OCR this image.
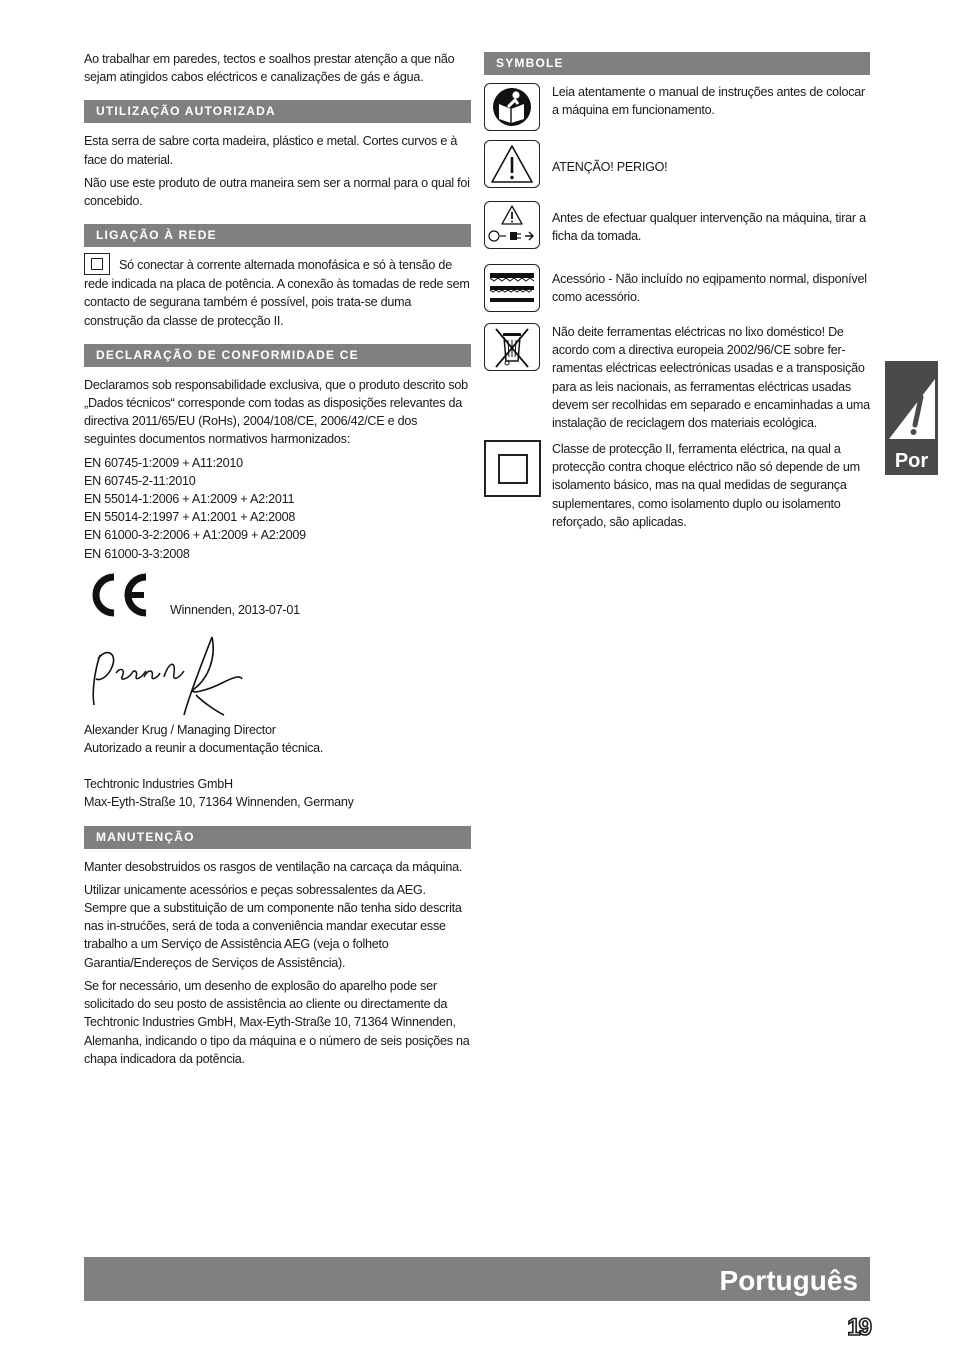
Ao trabalhar em paredes, tectos e soalhos prestar atenção a que não sejam atingidos cabos eléctricos e canalizações de gás e água.

UTILIZAÇÃO AUTORIZADA

Esta serra de sabre corta madeira, plástico e metal. Cortes curvos e à face do material.

Não use este produto de outra maneira sem ser a normal para o qual foi concebido.

LIGAÇÃO À REDE

Só conectar à corrente alternada monofásica e só à tensão de rede indicada na placa de potência. A conexão às tomadas de rede sem contacto de seguranа também é possível, pois trata-se duma construção da classe de protecção II.

DECLARAÇÃO DE CONFORMIDADE CE

Declaramos sob responsabilidade exclusiva, que o produto descrito sob „Dados técnicos“ corresponde com todas as disposições relevantes da directiva 2011/65/EU (RoHs), 2004/108/CE, 2006/42/CE e dos seguintes documentos normativos harmonizados:

EN 60745-1:2009 + A11:2010
EN 60745-2-11:2010
EN 55014-1:2006 + A1:2009 + A2:2011
EN 55014-2:1997 + A1:2001 + A2:2008
EN 61000-3-2:2006 + A1:2009 + A2:2009
EN 61000-3-3:2008
Winnenden, 2013-07-01
Alexander Krug / Managing Director
Autorizado a reunir a documentação técnica.
Techtronic Industries GmbH
Max-Eyth-Straße 10, 71364 Winnenden, Germany
MANUTENÇÃO

Manter desobstruidos os rasgos de ventilação na carcaça da máquina.

Utilizar unicamente acessórios e peças sobressalentes da AEG. Sempre que a substituição de um componente não tenha sido descrita nas in-strućões, será de toda a conveniência mandar executar esse trabalho a um Serviço de Assistência AEG (veja o folheto Garantia/Endereços de Serviços de Assistência).

Se for necessário, um desenho de explosão do aparelho pode ser solicitado do seu posto de assistência ao cliente ou directamente da Techtronic Industries GmbH, Max-Eyth-Straße 10, 71364 Winnenden, Alemanha, indicando o tipo da máquina e o número de seis posições na chapa indicadora da potência.

SYMBOLE
Leia atentamente o manual de instruções antes de colocar a máquina em funcionamento.
ATENÇÃO! PERIGO!
Antes de efectuar qualquer intervenção na máquina, tirar a ficha da tomada.
Acessório - Não incluído no eqipamento normal, disponível como acessório.
Não deite ferramentas eléctricas no lixo doméstico! De acordo com a directiva europeia 2002/96/CE sobre fer-ramentas eléctricas eelectrónicas usadas e a transposição para as leis nacionais, as ferramentas eléctricas usadas devem ser recolhidas em separado e encaminhadas a uma instalação de reciclagem dos materiais ecológica.
Classe de protecção II, ferramenta eléctrica, na qual a protecção contra choque eléctrico não só depende de um isolamento básico, mas na qual medidas de segurança suplementares, como isolamento duplo ou isolamento reforçado, são aplicadas.
Por
Português
19
